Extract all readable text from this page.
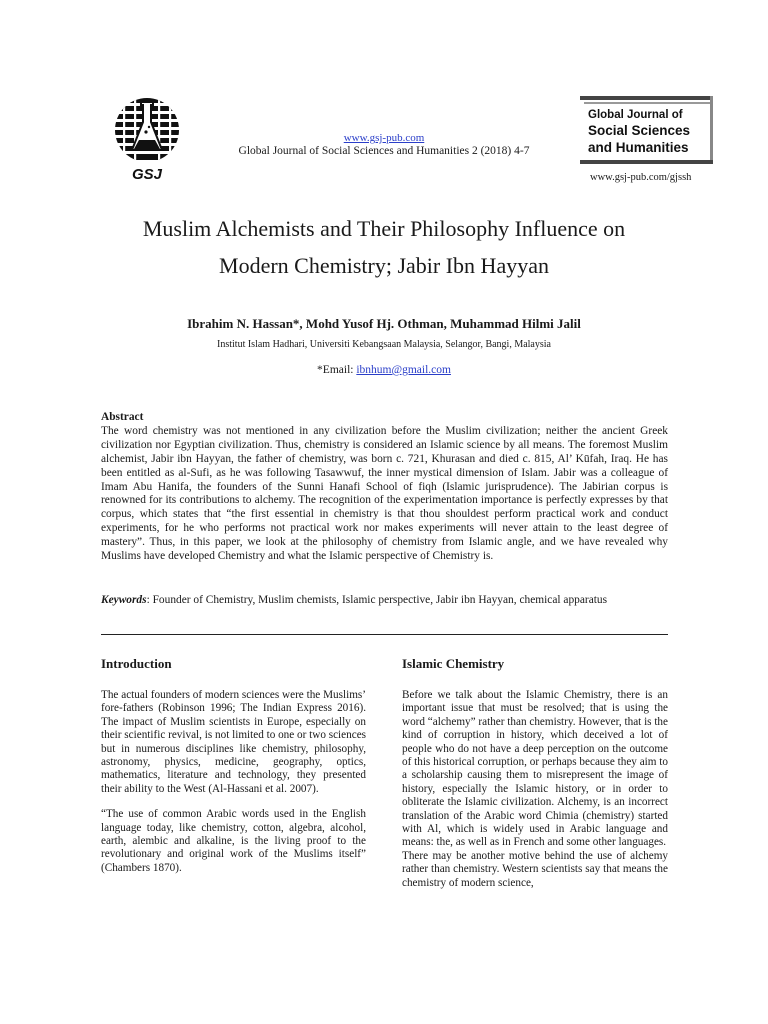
GSJ
www.gsj-pub.com
Global Journal of Social Sciences and Humanities 2 (2018) 4-7
Global Journal of
Social Sciences
and Humanities
www.gsj-pub.com/gjssh
Muslim Alchemists and Their Philosophy Influence on
Modern Chemistry; Jabir Ibn Hayyan
Ibrahim N. Hassan*, Mohd Yusof Hj. Othman, Muhammad Hilmi Jalil
Institut Islam Hadhari, Universiti Kebangsaan Malaysia, Selangor, Bangi, Malaysia
*Email: ibnhum@gmail.com
Abstract
The word chemistry was not mentioned in any civilization before the Muslim civilization; neither the ancient Greek civilization nor Egyptian civilization. Thus, chemistry is considered an Islamic science by all means. The foremost Muslim alchemist, Jabir ibn Hayyan, the father of chemistry, was born c. 721, Khurasan and died c. 815, Al’ Kūfah, Iraq. He has been entitled as al-Sufi, as he was following Tasawwuf, the inner mystical dimension of Islam. Jabir was a colleague of Imam Abu Hanifa, the founders of the Sunni Hanafi School of fiqh (Islamic jurisprudence). The Jabirian corpus is renowned for its contributions to alchemy. The recognition of the experimentation importance is perfectly expresses by that corpus, which states that “the first essential in chemistry is that thou shouldest perform practical work and conduct experiments, for he who performs not practical work nor makes experiments will never attain to the least degree of mastery”. Thus, in this paper, we look at the philosophy of chemistry from Islamic angle, and we have revealed why Muslims have developed Chemistry and what the Islamic perspective of Chemistry is.
Keywords: Founder of Chemistry, Muslim chemists, Islamic perspective, Jabir ibn Hayyan, chemical apparatus
Introduction	Islamic Chemistry

The actual founders of modern sciences were the Muslims’ fore-fathers (Robinson 1996; The Indian Express 2016). The impact of Muslim scientists in Europe, especially on their scientific revival, is not limited to one or two sciences but in numerous disciplines like chemistry, philosophy, astronomy, physics, medicine, geography, optics, mathematics, literature and technology, they presented their ability to the West (Al-Hassani et al. 2007).

“The use of common Arabic words used in the English language today, like chemistry, cotton, algebra, alcohol, earth, alembic and alkaline, is the living proof to the revolutionary and original work of the Muslims itself” (Chambers 1870).

Before we talk about the Islamic Chemistry, there is an important issue that must be resolved; that is using the word “alchemy” rather than chemistry. However, that is the kind of corruption in history, which deceived a lot of people who do not have a deep perception on the outcome of this historical corruption, or perhaps because they aim to a scholarship causing them to misrepresent the image of history, especially the Islamic history, or in order to obliterate the Islamic civilization. Alchemy, is an incorrect translation of the Arabic word Chimia (chemistry) started with Al, which is widely used in Arabic language and means: the, as well as in French and some other languages.

There may be another motive behind the use of alchemy rather than chemistry. Western scientists say that means the chemistry of modern science,
